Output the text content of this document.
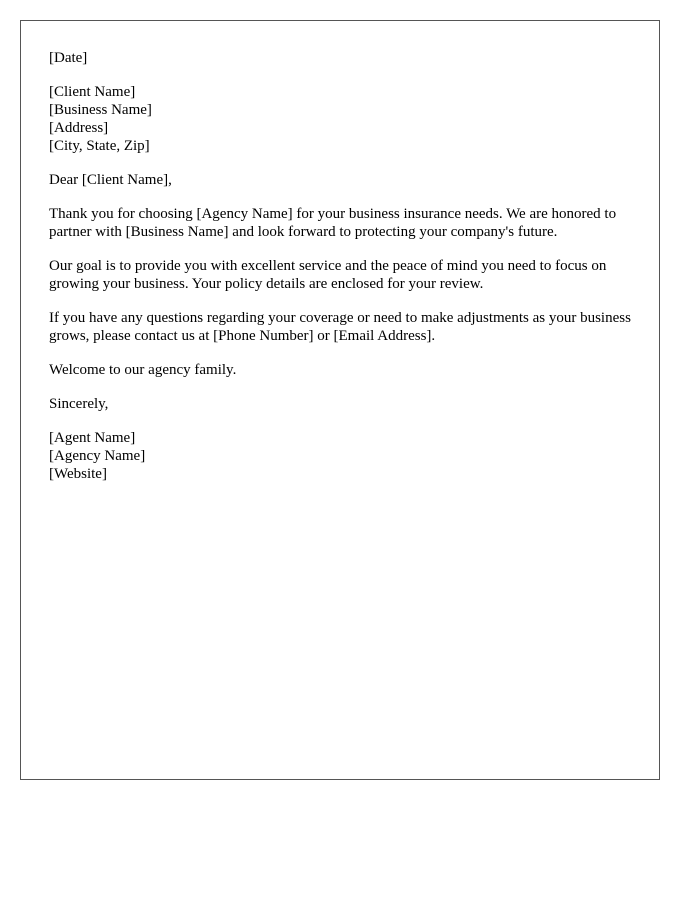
[Date]
[Client Name]
[Business Name]
[Address]
[City, State, Zip]

Dear [Client Name],

Thank you for choosing [Agency Name] for your business insurance needs. We are honored to partner with [Business Name] and look forward to protecting your company's future.

Our goal is to provide you with excellent service and the peace of mind you need to focus on growing your business. Your policy details are enclosed for your review.

If you have any questions regarding your coverage or need to make adjustments as your business grows, please contact us at [Phone Number] or [Email Address].

Welcome to our agency family.

Sincerely,

[Agent Name]
[Agency Name]
[Website]
